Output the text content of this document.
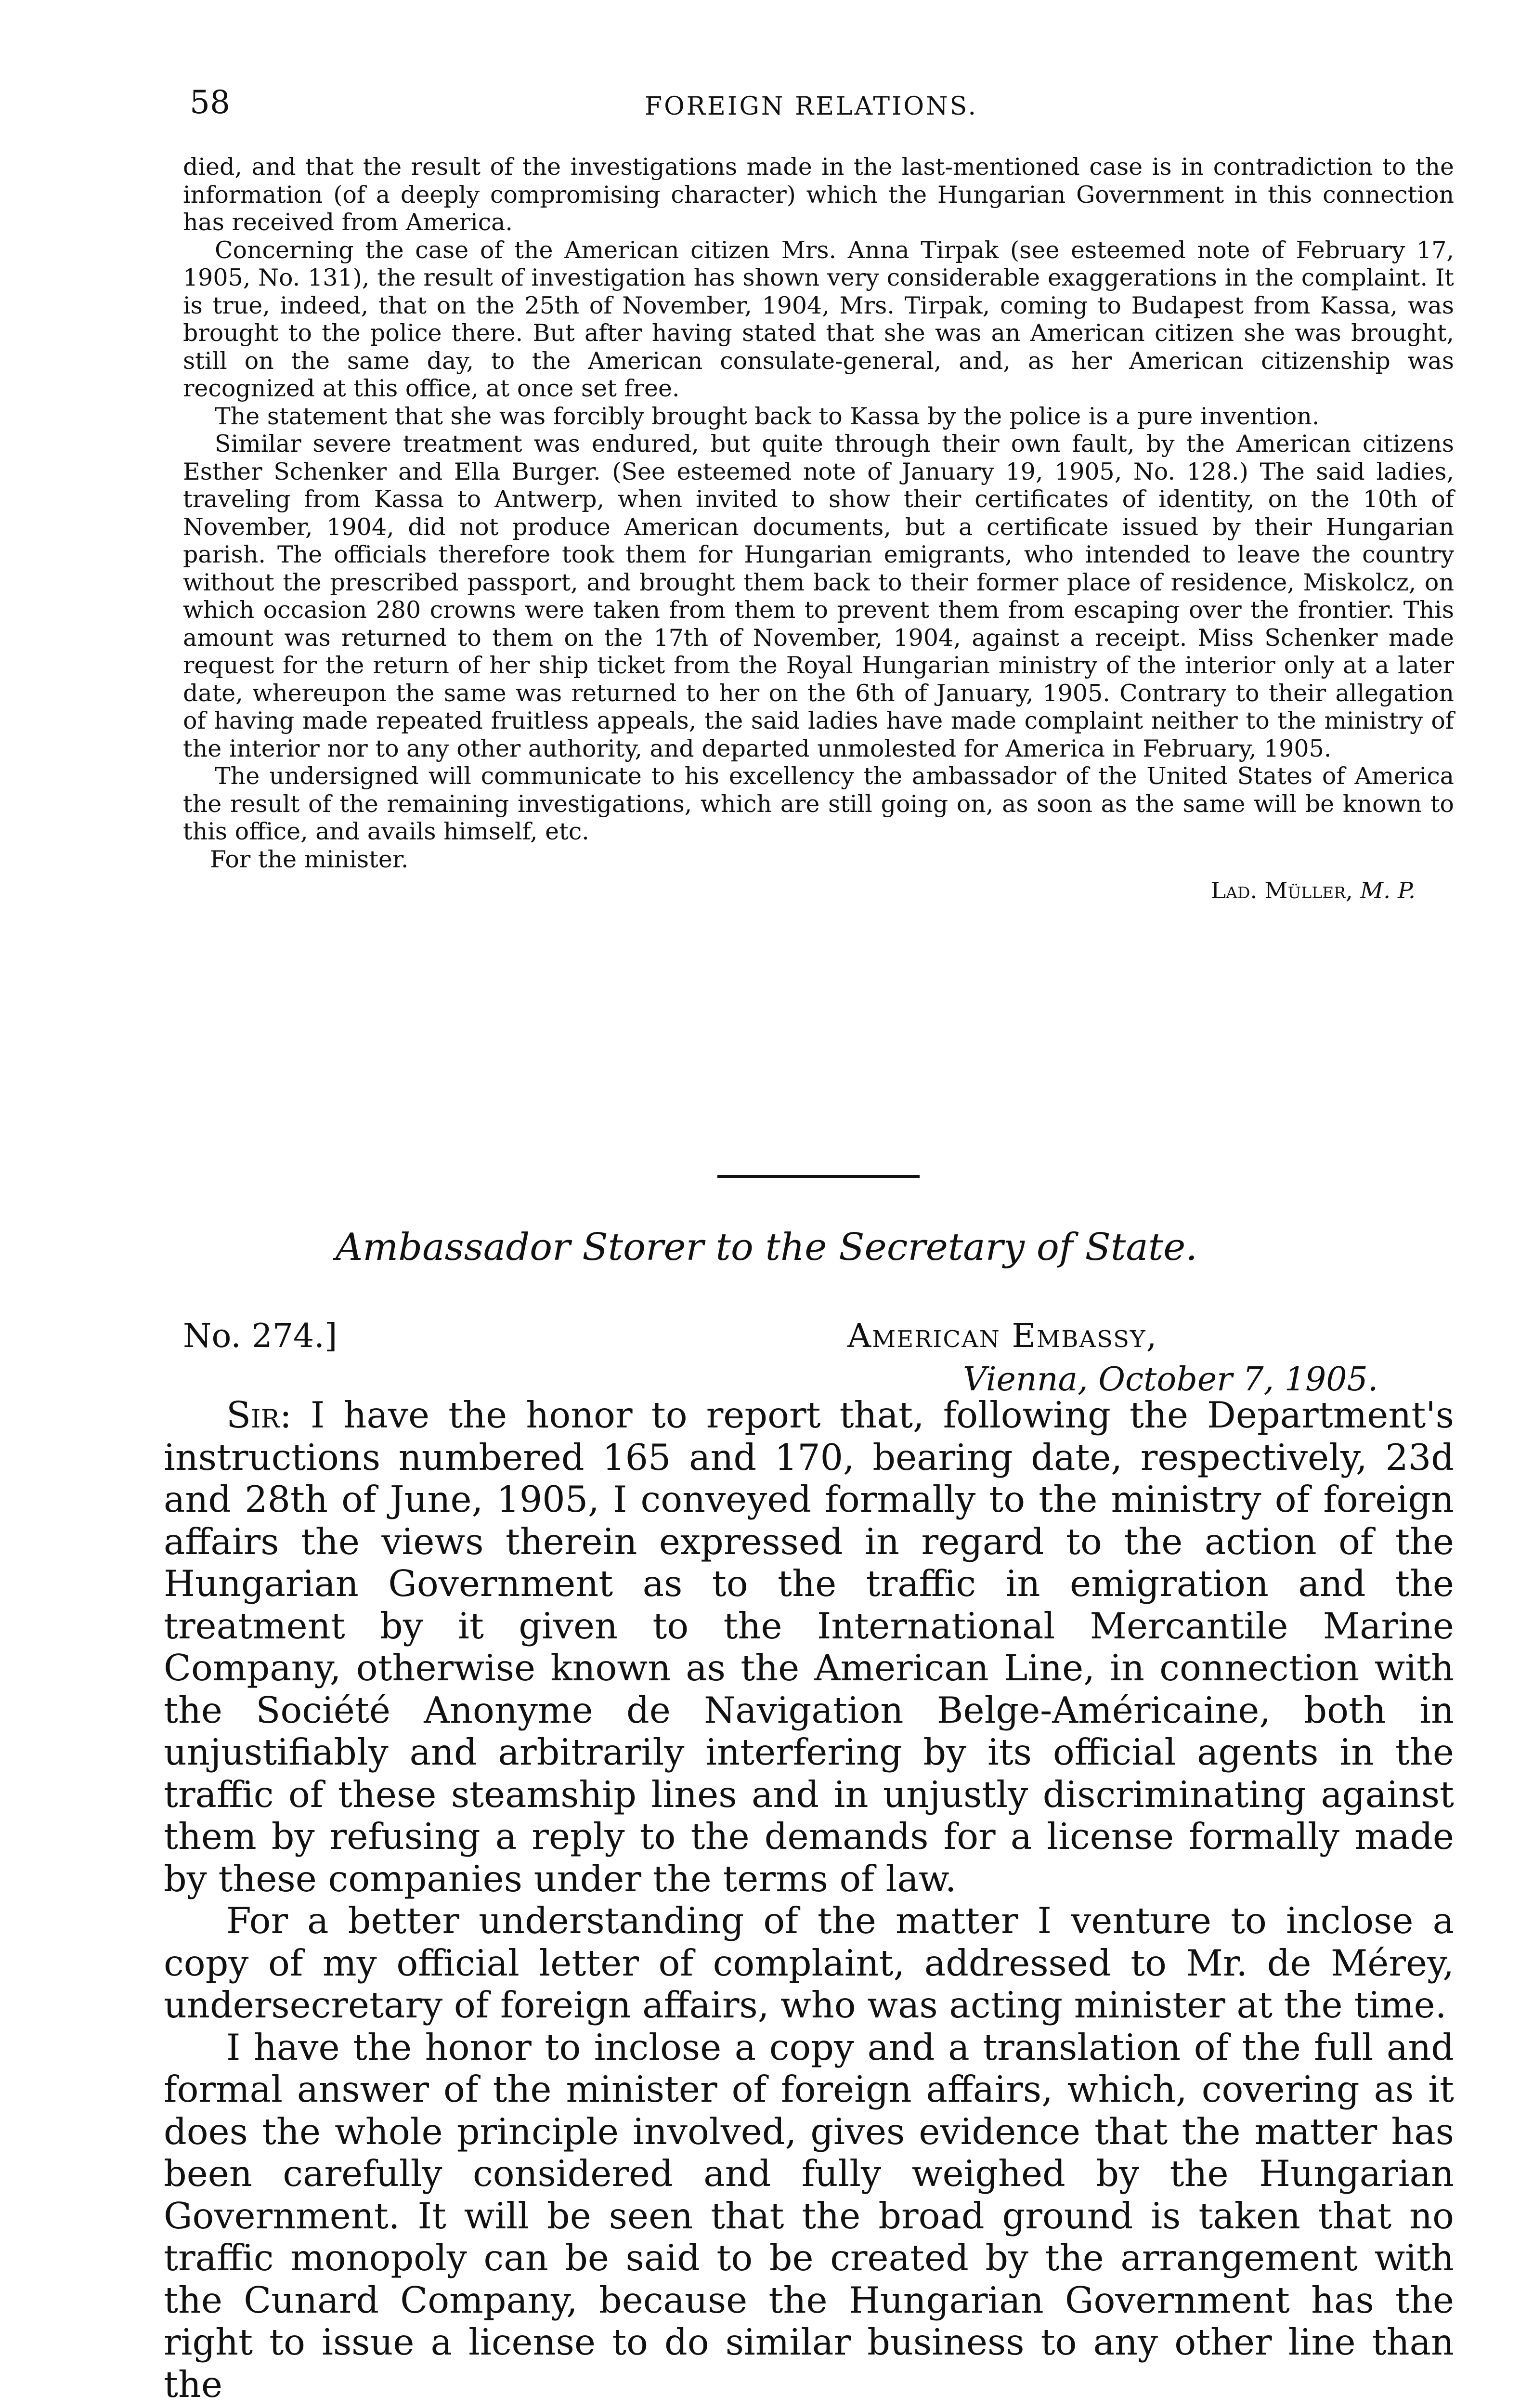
58	FOREIGN RELATIONS.

died, and that the result of the investigations made in the last-mentioned case is in contradiction to the information (of a deeply compromising character) which the Hungarian Government in this connection has received from America.

Concerning the case of the American citizen Mrs. Anna Tirpak (see esteemed note of February 17, 1905, No. 131), the result of investigation has shown very considerable exaggerations in the complaint. It is true, indeed, that on the 25th of November, 1904, Mrs. Tirpak, coming to Budapest from Kassa, was brought to the police there. But after having stated that she was an American citizen she was brought, still on the same day, to the American consulate-general, and, as her American citizenship was recognized at this office, at once set free.

The statement that she was forcibly brought back to Kassa by the police is a pure invention.

Similar severe treatment was endured, but quite through their own fault, by the American citizens Esther Schenker and Ella Burger. (See esteemed note of January 19, 1905, No. 128.) The said ladies, traveling from Kassa to Antwerp, when invited to show their certificates of identity, on the 10th of November, 1904, did not produce American documents, but a certificate issued by their Hungarian parish. The officials therefore took them for Hungarian emigrants, who intended to leave the country without the prescribed passport, and brought them back to their former place of residence, Miskolcz, on which occasion 280 crowns were taken from them to prevent them from escaping over the frontier. This amount was returned to them on the 17th of November, 1904, against a receipt. Miss Schenker made request for the return of her ship ticket from the Royal Hungarian ministry of the interior only at a later date, whereupon the same was returned to her on the 6th of January, 1905. Contrary to their allegation of having made repeated fruitless appeals, the said ladies have made complaint neither to the ministry of the interior nor to any other authority, and departed unmolested for America in February, 1905.

The undersigned will communicate to his excellency the ambassador of the United States of America the result of the remaining investigations, which are still going on, as soon as the same will be known to this office, and avails himself, etc.

For the minister.

Lad. Müller, M. P.
Ambassador Storer to the Secretary of State.
No. 274.]	American Embassy,
Vienna, October 7, 1905.

Sir: I have the honor to report that, following the Department's instructions numbered 165 and 170, bearing date, respectively, 23d and 28th of June, 1905, I conveyed formally to the ministry of foreign affairs the views therein expressed in regard to the action of the Hungarian Government as to the traffic in emigration and the treatment by it given to the International Mercantile Marine Company, otherwise known as the American Line, in connection with the Société Anonyme de Navigation Belge-Américaine, both in unjustifiably and arbitrarily interfering by its official agents in the traffic of these steamship lines and in unjustly discriminating against them by refusing a reply to the demands for a license formally made by these companies under the terms of law.

For a better understanding of the matter I venture to inclose a copy of my official letter of complaint, addressed to Mr. de Mérey, undersecretary of foreign affairs, who was acting minister at the time.

I have the honor to inclose a copy and a translation of the full and formal answer of the minister of foreign affairs, which, covering as it does the whole principle involved, gives evidence that the matter has been carefully considered and fully weighed by the Hungarian Government. It will be seen that the broad ground is taken that no traffic monopoly can be said to be created by the arrangement with the Cunard Company, because the Hungarian Government has the right to issue a license to do similar business to any other line than the
